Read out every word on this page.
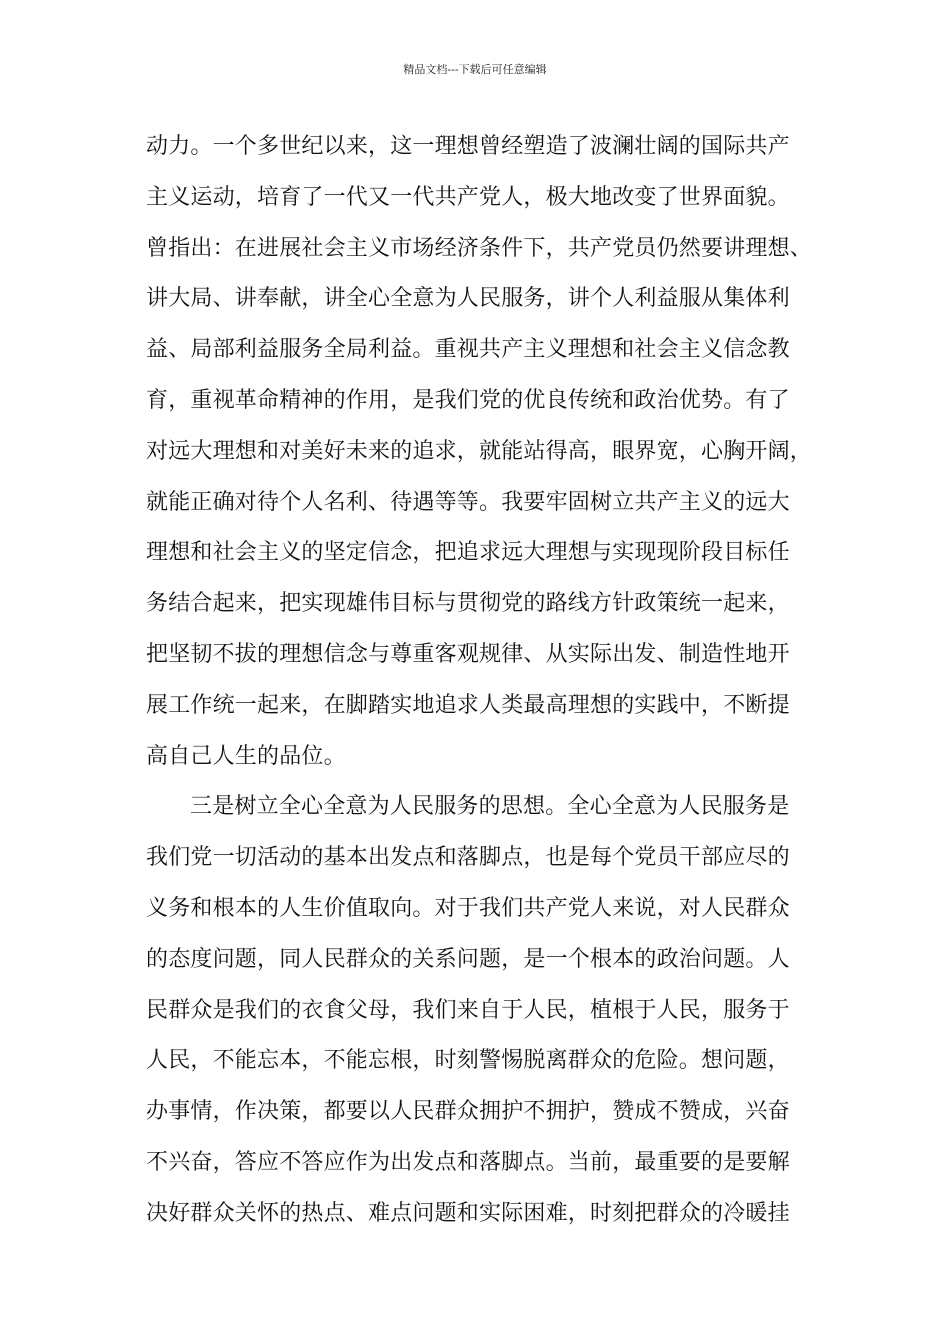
精品文档---下载后可任意编辑
动力。一个多世纪以来，这一理想曾经塑造了波澜壮阔的国际共产
主义运动，培育了一代又一代共产党人，极大地改变了世界面貌。
曾指出：在进展社会主义市场经济条件下，共产党员仍然要讲理想、
讲大局、讲奉献，讲全心全意为人民服务，讲个人利益服从集体利
益、局部利益服务全局利益。重视共产主义理想和社会主义信念教
育，重视革命精神的作用，是我们党的优良传统和政治优势。有了
对远大理想和对美好未来的追求，就能站得高，眼界宽，心胸开阔，
就能正确对待个人名利、待遇等等。我要牢固树立共产主义的远大
理想和社会主义的坚定信念，把追求远大理想与实现现阶段目标任
务结合起来，把实现雄伟目标与贯彻党的路线方针政策统一起来，
把坚韧不拔的理想信念与尊重客观规律、从实际出发、制造性地开
展工作统一起来，在脚踏实地追求人类最高理想的实践中，不断提
高自己人生的品位。
三是树立全心全意为人民服务的思想。全心全意为人民服务是
我们党一切活动的基本出发点和落脚点，也是每个党员干部应尽的
义务和根本的人生价值取向。对于我们共产党人来说，对人民群众
的态度问题，同人民群众的关系问题，是一个根本的政治问题。人
民群众是我们的衣食父母，我们来自于人民，植根于人民，服务于
人民，不能忘本，不能忘根，时刻警惕脱离群众的危险。想问题，
办事情，作决策，都要以人民群众拥护不拥护，赞成不赞成，兴奋
不兴奋，答应不答应作为出发点和落脚点。当前，最重要的是要解
决好群众关怀的热点、难点问题和实际困难，时刻把群众的冷暖挂
